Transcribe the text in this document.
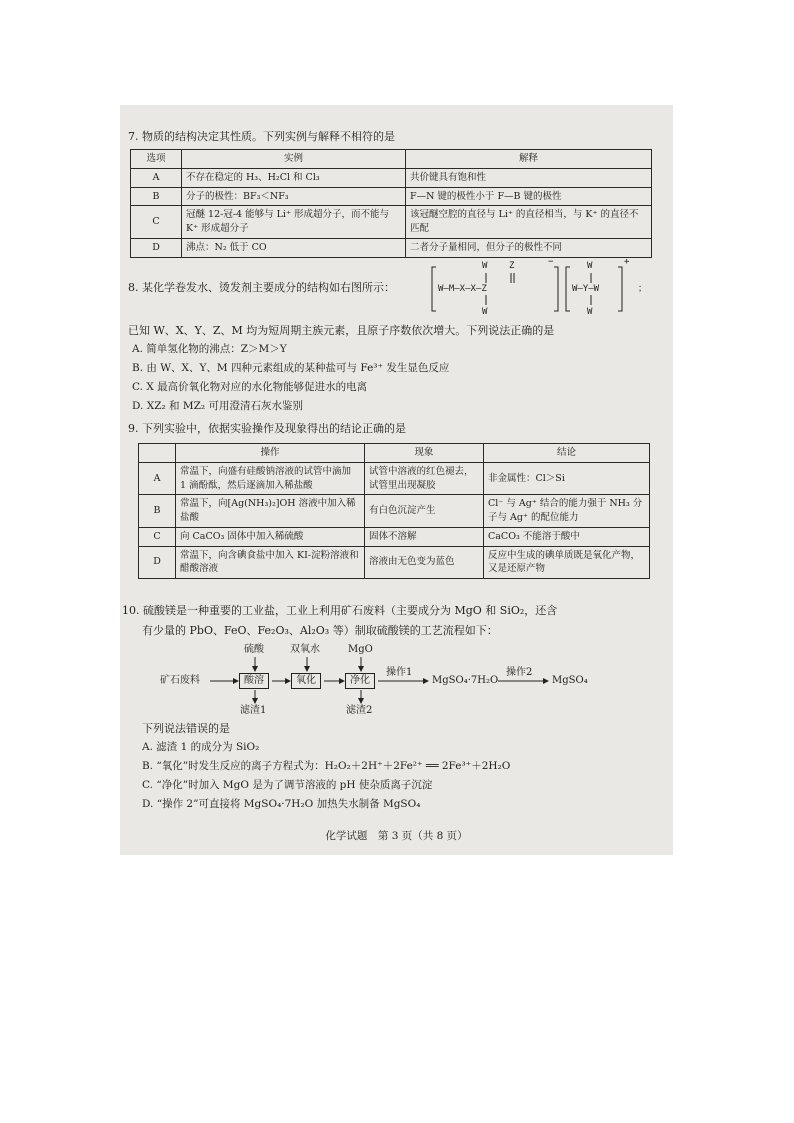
7. 物质的结构决定其性质。下列实例与解释不相符的是
选项	实例	解释
A	不存在稳定的 H₃、H₂Cl 和 Cl₃	共价键具有饱和性
B	分子的极性：BF₃＜NF₃	F—N 键的极性小于 F—B 键的极性
C	冠醚 12-冠-4 能够与 Li⁺ 形成超分子，而不能与 K⁺ 形成超分子	该冠醚空腔的直径与 Li⁺ 的直径相当，与 K⁺ 的直径不匹配
D	沸点：N₂ 低于 CO	二者分子量相同，但分子的极性不同
8. 某化学卷发水、烫发剂主要成分的结构如右图所示：	W—M—X—X—Z
W
W
Z	−
W—Y—W
W
W
+
；
已知 W、X、Y、Z、M 均为短周期主族元素，且原子序数依次增大。下列说法正确的是
A. 简单氢化物的沸点：Z＞M＞Y
B. 由 W、X、Y、M 四种元素组成的某种盐可与 Fe³⁺ 发生显色反应
C. X 最高价氧化物对应的水化物能够促进水的电离
D. XZ₂ 和 MZ₂ 可用澄清石灰水鉴别
9. 下列实验中，依据实验操作及现象得出的结论正确的是
	操作	现象	结论
A	常温下，向盛有硅酸钠溶液的试管中滴加 1 滴酚酞，然后逐滴加入稀盐酸	试管中溶液的红色褪去，试管里出现凝胶	非金属性：Cl＞Si
B	常温下，向[Ag(NH₃)₂]OH 溶液中加入稀盐酸	有白色沉淀产生	Cl⁻ 与 Ag⁺ 结合的能力强于 NH₃ 分子与 Ag⁺ 的配位能力
C	向 CaCO₃ 固体中加入稀硫酸	固体不溶解	CaCO₃ 不能溶于酸中
D	常温下，向含碘食盐中加入 KI-淀粉溶液和醋酸溶液	溶液由无色变为蓝色	反应中生成的碘单质既是氧化产物，又是还原产物
10. 硫酸镁是一种重要的工业盐，工业上利用矿石废料（主要成分为 MgO 和 SiO₂，还含
有少量的 PbO、FeO、Fe₂O₃、Al₂O₃ 等）制取硫酸镁的工艺流程如下：
矿石废料
硫酸	双氧水	MgO
酸溶	氧化	净化
滤渣1	滤渣2
操作1
MgSO₄·7H₂O
操作2
MgSO₄
下列说法错误的是
A. 滤渣 1 的成分为 SiO₂
B. “氧化”时发生反应的离子方程式为：H₂O₂＋2H⁺＋2Fe²⁺ ══ 2Fe³⁺＋2H₂O
C. “净化”时加入 MgO 是为了调节溶液的 pH 使杂质离子沉淀
D. “操作 2”可直接将 MgSO₄·7H₂O 加热失水制备 MgSO₄
化学试题　第 3 页（共 8 页）
